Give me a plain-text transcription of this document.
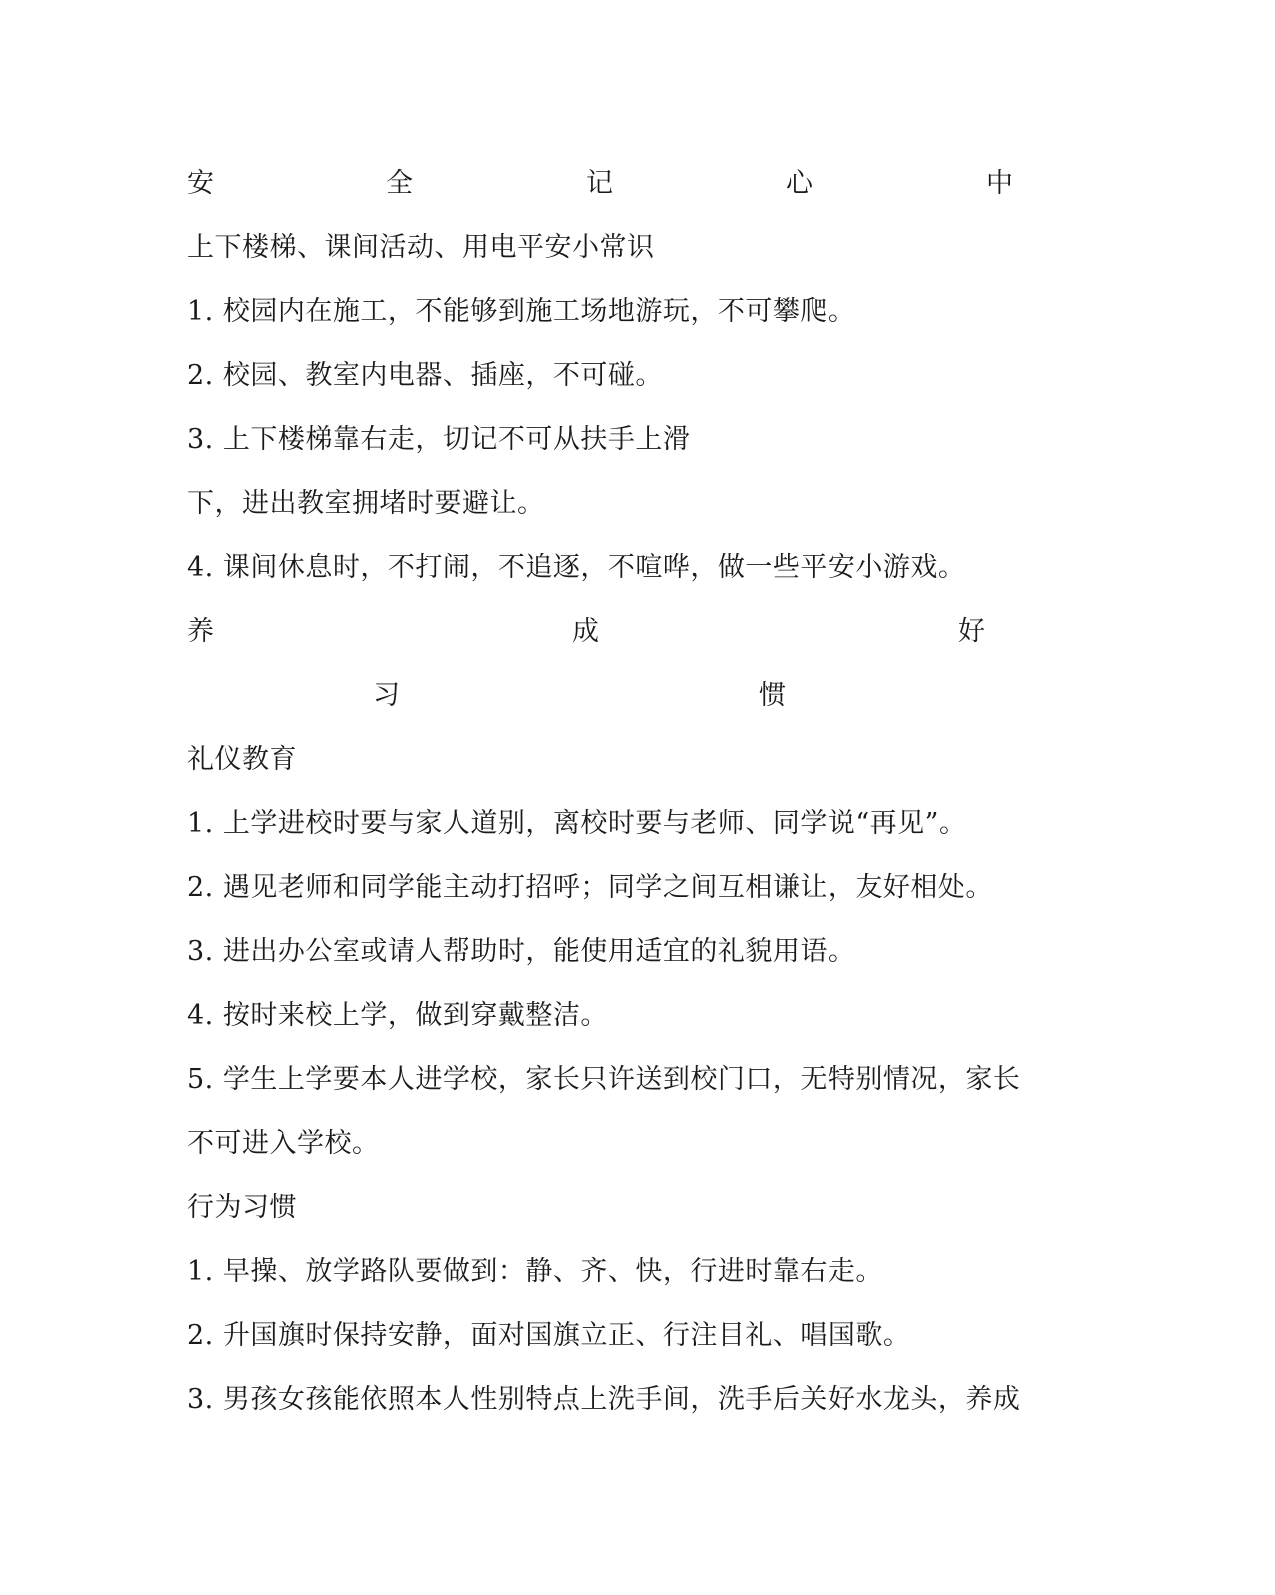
安	全	记	心	中
上下楼梯、课间活动、用电平安小常识
1. 校园内在施工，不能够到施工场地游玩，不可攀爬。
2. 校园、教室内电器、插座，不可碰。
3. 上下楼梯靠右走，切记不可从扶手上滑
下，进出教室拥堵时要避让。
4. 课间休息时，不打闹，不追逐，不喧哗，做一些平安小游戏。
养	成	好
习	惯
礼仪教育
1. 上学进校时要与家人道别，离校时要与老师、同学说“再见”。
2. 遇见老师和同学能主动打招呼；同学之间互相谦让，友好相处。
3. 进出办公室或请人帮助时，能使用适宜的礼貌用语。
4. 按时来校上学，做到穿戴整洁。
5. 学生上学要本人进学校，家长只许送到校门口，无特别情况，家长
不可进入学校。
行为习惯
1. 早操、放学路队要做到：静、齐、快，行进时靠右走。
2. 升国旗时保持安静，面对国旗立正、行注目礼、唱国歌。
3. 男孩女孩能依照本人性别特点上洗手间，洗手后关好水龙头，养成
